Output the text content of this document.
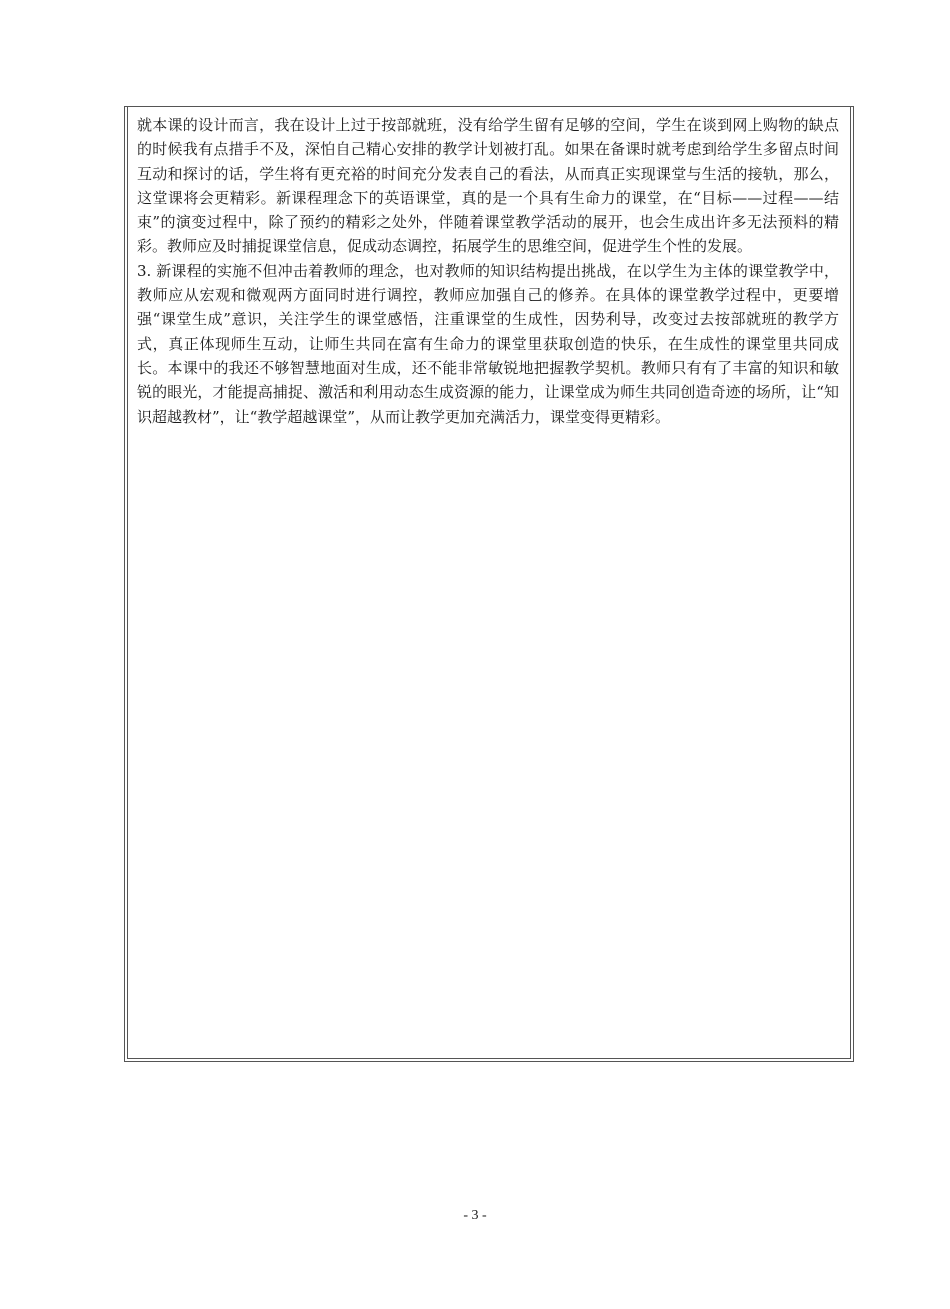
就本课的设计而言，我在设计上过于按部就班，没有给学生留有足够的空间，学生在谈到网上购物的缺点的时候我有点措手不及，深怕自己精心安排的教学计划被打乱。如果在备课时就考虑到给学生多留点时间互动和探讨的话，学生将有更充裕的时间充分发表自己的看法，从而真正实现课堂与生活的接轨，那么，这堂课将会更精彩。新课程理念下的英语课堂，真的是一个具有生命力的课堂，在“目标——过程——结束”的演变过程中，除了预约的精彩之处外，伴随着课堂教学活动的展开，也会生成出许多无法预料的精彩。教师应及时捕捉课堂信息，促成动态调控，拓展学生的思维空间，促进学生个性的发展。

3. 新课程的实施不但冲击着教师的理念，也对教师的知识结构提出挑战，在以学生为主体的课堂教学中，教师应从宏观和微观两方面同时进行调控，教师应加强自己的修养。在具体的课堂教学过程中，更要增强“课堂生成”意识，关注学生的课堂感悟，注重课堂的生成性，因势利导，改变过去按部就班的教学方式，真正体现师生互动，让师生共同在富有生命力的课堂里获取创造的快乐，在生成性的课堂里共同成长。本课中的我还不够智慧地面对生成，还不能非常敏锐地把握教学契机。教师只有有了丰富的知识和敏锐的眼光，才能提高捕捉、激活和利用动态生成资源的能力，让课堂成为师生共同创造奇迹的场所，让“知识超越教材”，让“教学超越课堂”，从而让教学更加充满活力，课堂变得更精彩。

- 3 -
